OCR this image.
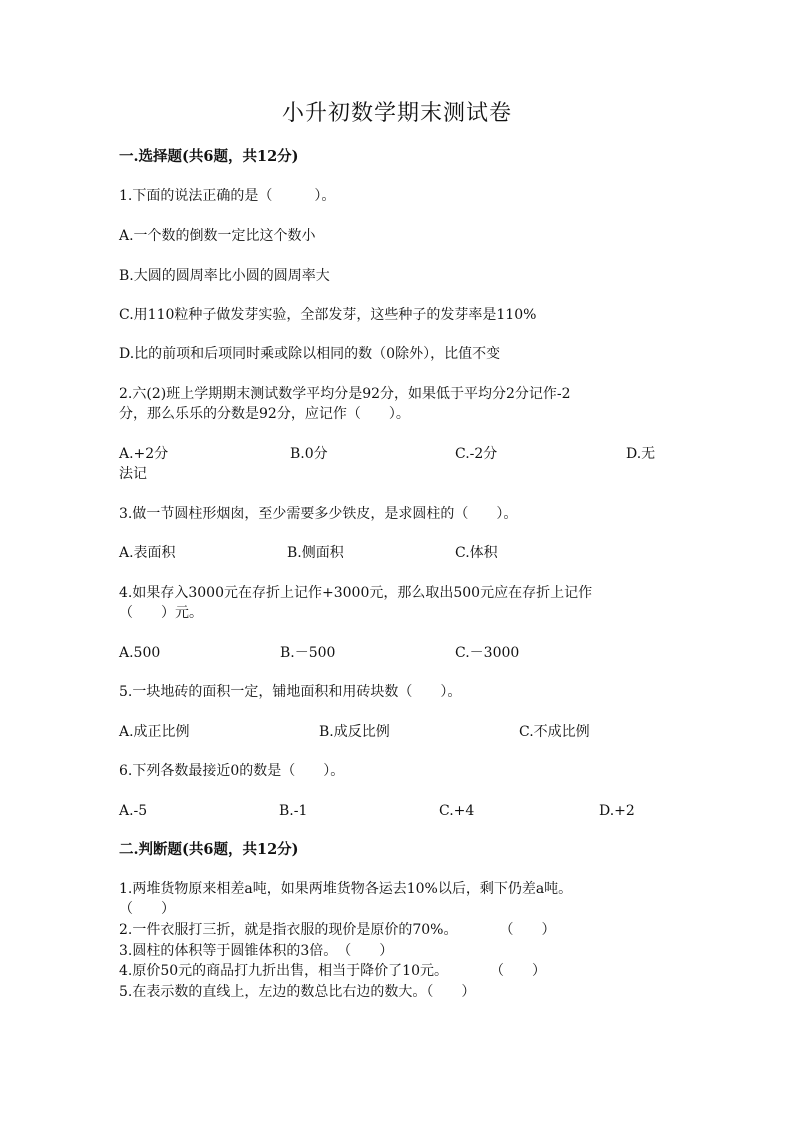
小升初数学期末测试卷
一.选择题(共6题，共12分)
1.下面的说法正确的是（　　　）。
A.一个数的倒数一定比这个数小
B.大圆的圆周率比小圆的圆周率大
C.用110粒种子做发芽实验，全部发芽，这些种子的发芽率是110%
D.比的前项和后项同时乘或除以相同的数（0除外），比值不变
2.六(2)班上学期期末测试数学平均分是92分，如果低于平均分2分记作-2
分，那么乐乐的分数是92分，应记作（　　）。
A.+2分	B.0分	C.-2分	D.无
法记
3.做一节圆柱形烟囱，至少需要多少铁皮，是求圆柱的（　　）。
A.表面积	B.侧面积	C.体积
4.如果存入3000元在存折上记作+3000元，那么取出500元应在存折上记作
（　　）元。
A.500	B.－500	C.－3000
5.一块地砖的面积一定，铺地面积和用砖块数（　　）。
A.成正比例	B.成反比例	C.不成比例
6.下列各数最接近0的数是（　　）。
A.-5	B.-1	C.+4	D.+2
二.判断题(共6题，共12分)
1.两堆货物原来相差a吨，如果两堆货物各运去10%以后，剩下仍差a吨。
（　　）
2.一件衣服打三折，就是指衣服的现价是原价的70%。　　　　（　　）
3.圆柱的体积等于圆锥体积的3倍。　（　　）
4.原价50元的商品打九折出售，相当于降价了10元。　　　　（　　）
5.在表示数的直线上，左边的数总比右边的数大。（　　）
